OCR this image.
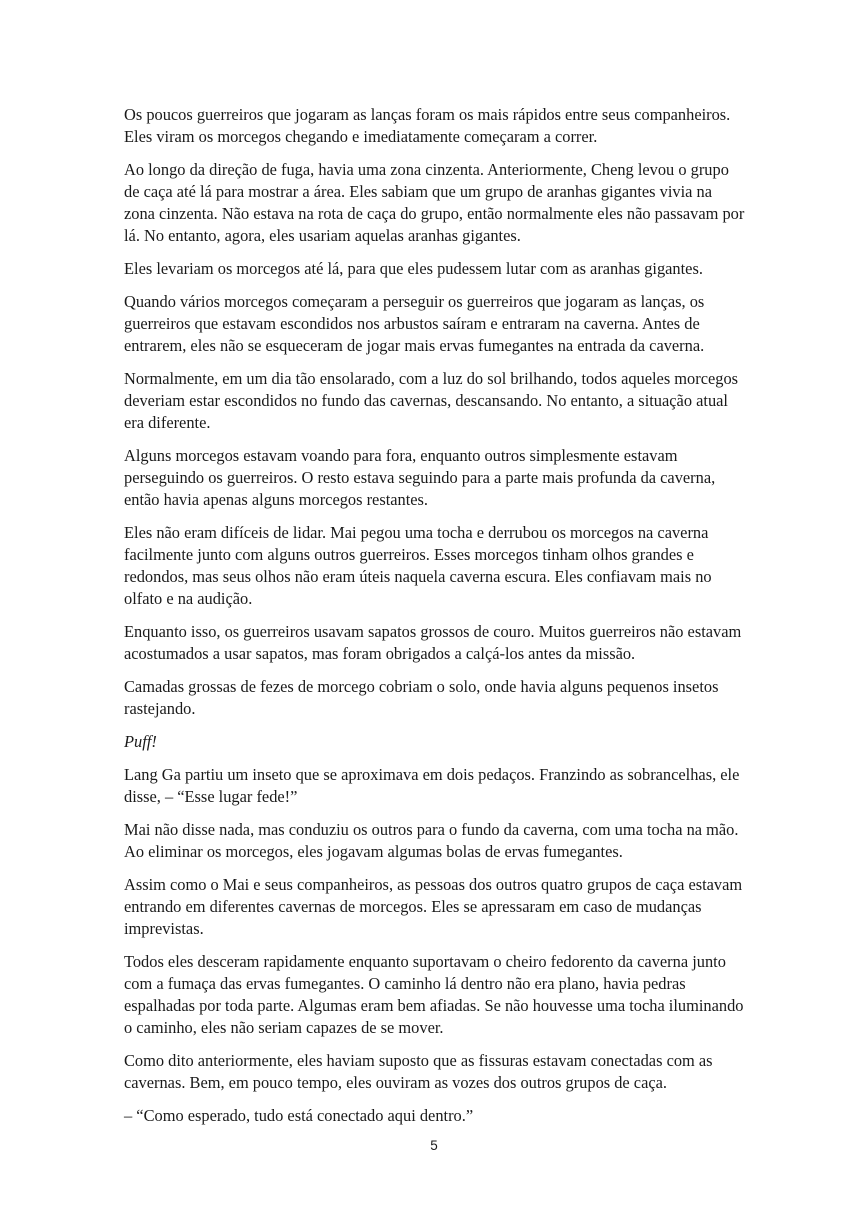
Os poucos guerreiros que jogaram as lanças foram os mais rápidos entre seus companheiros. Eles viram os morcegos chegando e imediatamente começaram a correr.

Ao longo da direção de fuga, havia uma zona cinzenta. Anteriormente, Cheng levou o grupo de caça até lá para mostrar a área. Eles sabiam que um grupo de aranhas gigantes vivia na zona cinzenta. Não estava na rota de caça do grupo, então normalmente eles não passavam por lá. No entanto, agora, eles usariam aquelas aranhas gigantes.

Eles levariam os morcegos até lá, para que eles pudessem lutar com as aranhas gigantes.

Quando vários morcegos começaram a perseguir os guerreiros que jogaram as lanças, os guerreiros que estavam escondidos nos arbustos saíram e entraram na caverna. Antes de entrarem, eles não se esqueceram de jogar mais ervas fumegantes na entrada da caverna.

Normalmente, em um dia tão ensolarado, com a luz do sol brilhando, todos aqueles morcegos deveriam estar escondidos no fundo das cavernas, descansando. No entanto, a situação atual era diferente.

Alguns morcegos estavam voando para fora, enquanto outros simplesmente estavam perseguindo os guerreiros. O resto estava seguindo para a parte mais profunda da caverna, então havia apenas alguns morcegos restantes.

Eles não eram difíceis de lidar. Mai pegou uma tocha e derrubou os morcegos na caverna facilmente junto com alguns outros guerreiros. Esses morcegos tinham olhos grandes e redondos, mas seus olhos não eram úteis naquela caverna escura. Eles confiavam mais no olfato e na audição.

Enquanto isso, os guerreiros usavam sapatos grossos de couro. Muitos guerreiros não estavam acostumados a usar sapatos, mas foram obrigados a calçá-los antes da missão.

Camadas grossas de fezes de morcego cobriam o solo, onde havia alguns pequenos insetos rastejando.

Puff!

Lang Ga partiu um inseto que se aproximava em dois pedaços. Franzindo as sobrancelhas, ele disse, – “Esse lugar fede!”

Mai não disse nada, mas conduziu os outros para o fundo da caverna, com uma tocha na mão. Ao eliminar os morcegos, eles jogavam algumas bolas de ervas fumegantes.

Assim como o Mai e seus companheiros, as pessoas dos outros quatro grupos de caça estavam entrando em diferentes cavernas de morcegos. Eles se apressaram em caso de mudanças imprevistas.

Todos eles desceram rapidamente enquanto suportavam o cheiro fedorento da caverna junto com a fumaça das ervas fumegantes. O caminho lá dentro não era plano, havia pedras espalhadas por toda parte. Algumas eram bem afiadas. Se não houvesse uma tocha iluminando o caminho, eles não seriam capazes de se mover.

Como dito anteriormente, eles haviam suposto que as fissuras estavam conectadas com as cavernas. Bem, em pouco tempo, eles ouviram as vozes dos outros grupos de caça.

– “Como esperado, tudo está conectado aqui dentro.”

5
